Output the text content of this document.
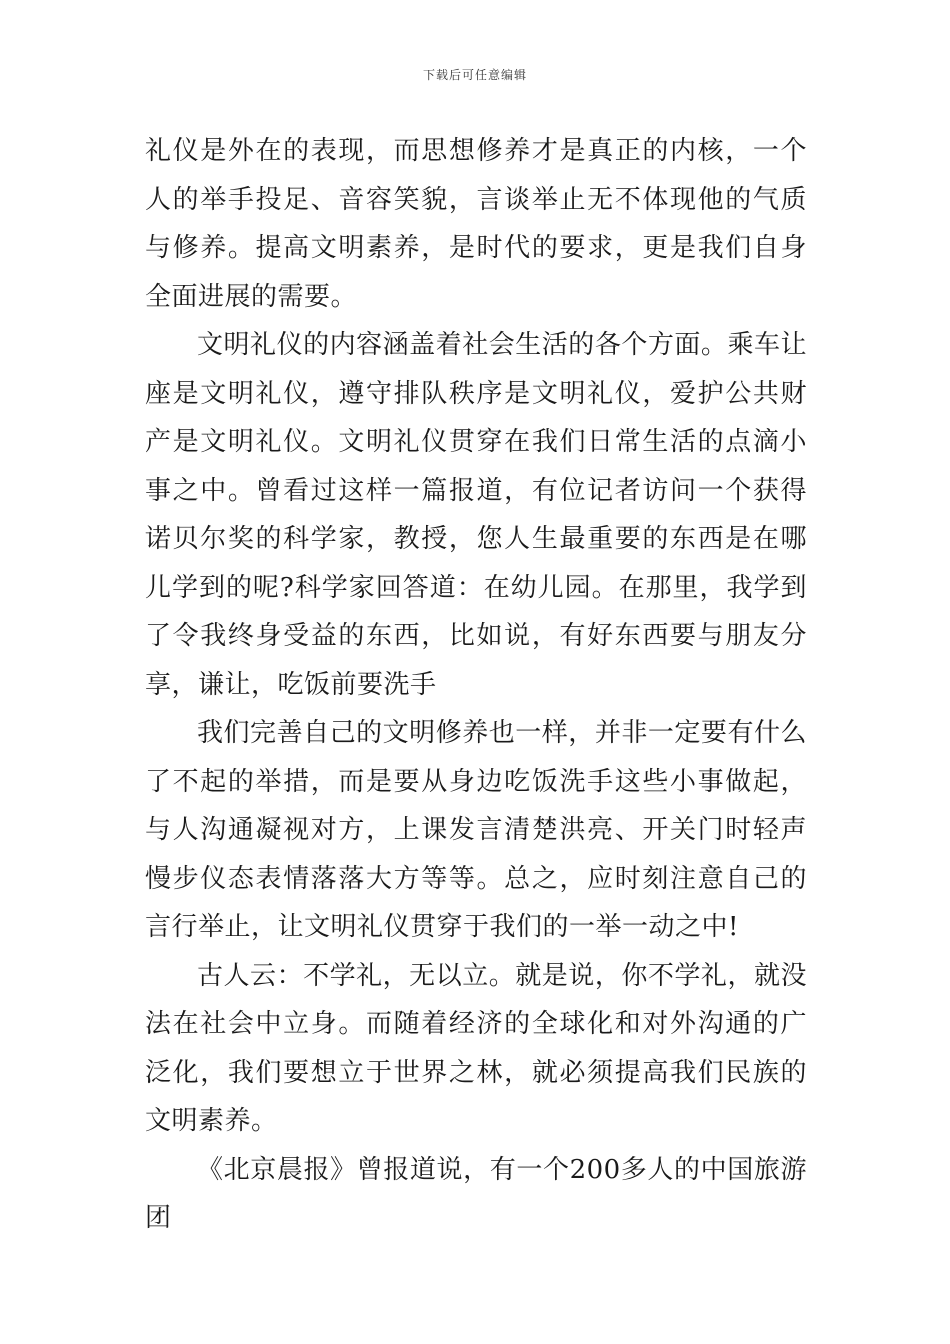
下载后可任意编辑

礼仪是外在的表现，而思想修养才是真正的内核，一个人的举手投足、音容笑貌，言谈举止无不体现他的气质与修养。提高文明素养，是时代的要求，更是我们自身全面进展的需要。

文明礼仪的内容涵盖着社会生活的各个方面。乘车让座是文明礼仪，遵守排队秩序是文明礼仪，爱护公共财产是文明礼仪。文明礼仪贯穿在我们日常生活的点滴小事之中。曾看过这样一篇报道，有位记者访问一个获得诺贝尔奖的科学家，教授，您人生最重要的东西是在哪儿学到的呢?科学家回答道：在幼儿园。在那里，我学到了令我终身受益的东西，比如说，有好东西要与朋友分享，谦让，吃饭前要洗手

我们完善自己的文明修养也一样，并非一定要有什么了不起的举措，而是要从身边吃饭洗手这些小事做起，与人沟通凝视对方，上课发言清楚洪亮、开关门时轻声慢步仪态表情落落大方等等。总之，应时刻注意自己的言行举止，让文明礼仪贯穿于我们的一举一动之中!

古人云：不学礼，无以立。就是说，你不学礼，就没法在社会中立身。而随着经济的全球化和对外沟通的广泛化，我们要想立于世界之林，就必须提高我们民族的文明素养。

《北京晨报》曾报道说，有一个200多人的中国旅游团
